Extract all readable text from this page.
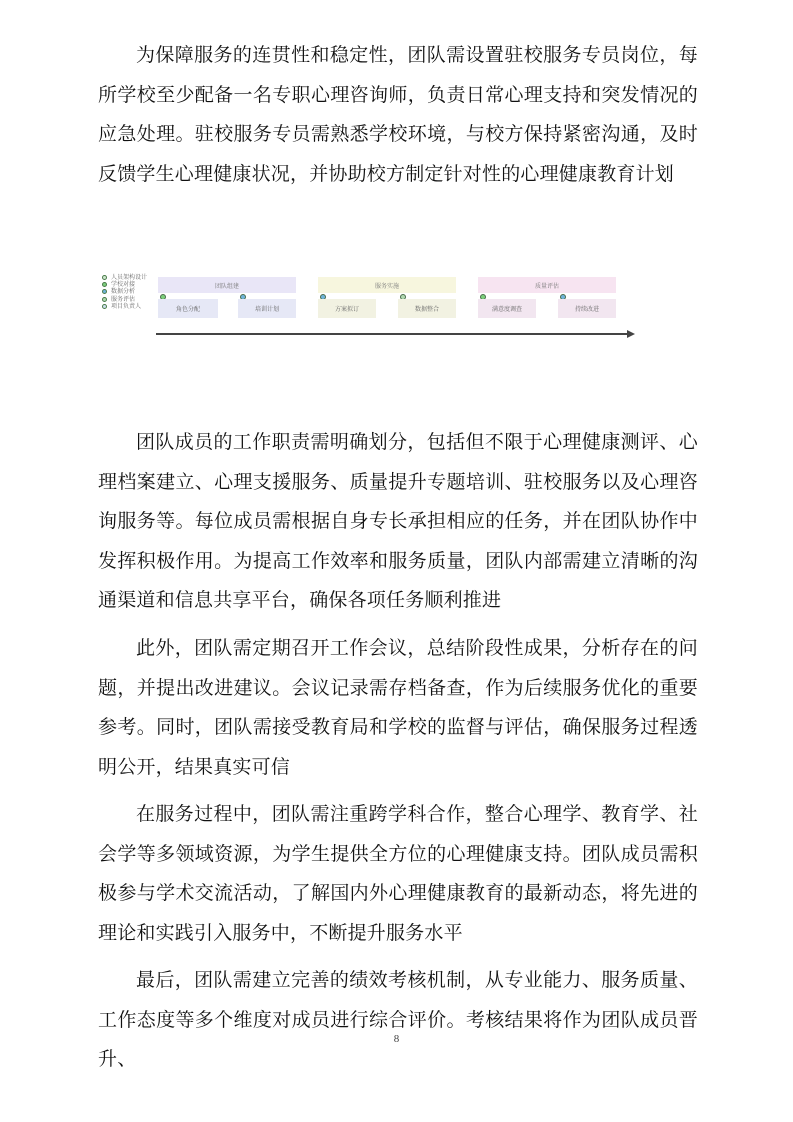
为保障服务的连贯性和稳定性，团队需设置驻校服务专员岗位，每所学校至少配备一名专职心理咨询师，负责日常心理支持和突发情况的应急处理。驻校服务专员需熟悉学校环境，与校方保持紧密沟通，及时反馈学生心理健康状况，并协助校方制定针对性的心理健康教育计划

人员架构设计
学校对接
数据分析
服务评估
项目负责人
团队组建	服务实施	质量评估
角色分配	培训计划	方案拟订	数据整合	满意度调查	持续改进

团队成员的工作职责需明确划分，包括但不限于心理健康测评、心理档案建立、心理支援服务、质量提升专题培训、驻校服务以及心理咨询服务等。每位成员需根据自身专长承担相应的任务，并在团队协作中发挥积极作用。为提高工作效率和服务质量，团队内部需建立清晰的沟通渠道和信息共享平台，确保各项任务顺利推进

此外，团队需定期召开工作会议，总结阶段性成果，分析存在的问题，并提出改进建议。会议记录需存档备查，作为后续服务优化的重要参考。同时，团队需接受教育局和学校的监督与评估，确保服务过程透明公开，结果真实可信

在服务过程中，团队需注重跨学科合作，整合心理学、教育学、社会学等多领域资源，为学生提供全方位的心理健康支持。团队成员需积极参与学术交流活动，了解国内外心理健康教育的最新动态，将先进的理论和实践引入服务中，不断提升服务水平

最后，团队需建立完善的绩效考核机制，从专业能力、服务质量、工作态度等多个维度对成员进行综合评价。考核结果将作为团队成员晋升、

8
